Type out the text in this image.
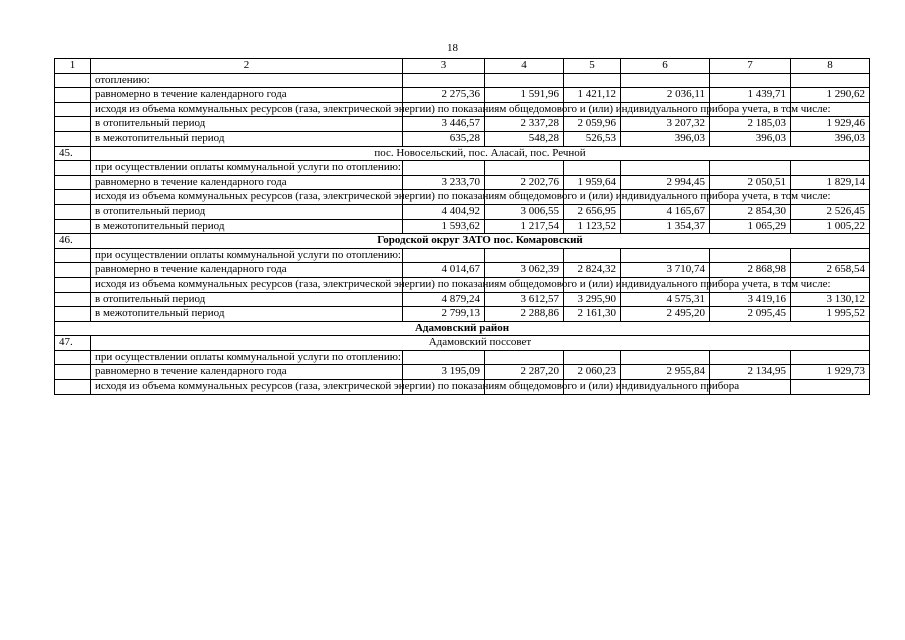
18
1	2	3	4	5	6	7	8
	отоплению:						
	равномерно в течение календарного года	2 275,36	1 591,96	1 421,12	2 036,11	1 439,71	1 290,62
	исходя из объема коммунальных ресурсов (газа, электрической энергии) по показаниям общедомового и (или) индивидуального прибора учета, в том числе:						
	в отопительный период	3 446,57	2 337,28	2 059,96	3 207,32	2 185,03	1 929,46
	в межотопительный период	635,28	548,28	526,53	396,03	396,03	396,03
45.	пос. Новосельский, пос. Аласай, пос. Речной						
	при осуществлении оплаты коммунальной услуги по отоплению:						
	равномерно в течение календарного года	3 233,70	2 202,76	1 959,64	2 994,45	2 050,51	1 829,14
	исходя из объема коммунальных ресурсов (газа, электрической энергии) по показаниям общедомового и (или) индивидуального прибора учета, в том числе:						
	в отопительный период	4 404,92	3 006,55	2 656,95	4 165,67	2 854,30	2 526,45
	в межотопительный период	1 593,62	1 217,54	1 123,52	1 354,37	1 065,29	1 005,22
46.	Городской округ ЗАТО пос. Комаровский						
	при осуществлении оплаты коммунальной услуги по отоплению:						
	равномерно в течение календарного года	4 014,67	3 062,39	2 824,32	3 710,74	2 868,98	2 658,54
	исходя из объема коммунальных ресурсов (газа, электрической энергии) по показаниям общедомового и (или) индивидуального прибора учета, в том числе:						
	в отопительный период	4 879,24	3 612,57	3 295,90	4 575,31	3 419,16	3 130,12
	в межотопительный период	2 799,13	2 288,86	2 161,30	2 495,20	2 095,45	1 995,52
Адамовский район							
47.	Адамовский поссовет						
	при осуществлении оплаты коммунальной услуги по отоплению:						
	равномерно в течение календарного года	3 195,09	2 287,20	2 060,23	2 955,84	2 134,95	1 929,73
	исходя из объема коммунальных ресурсов (газа, электрической энергии) по показаниям общедомового и (или) индивидуального прибора						
